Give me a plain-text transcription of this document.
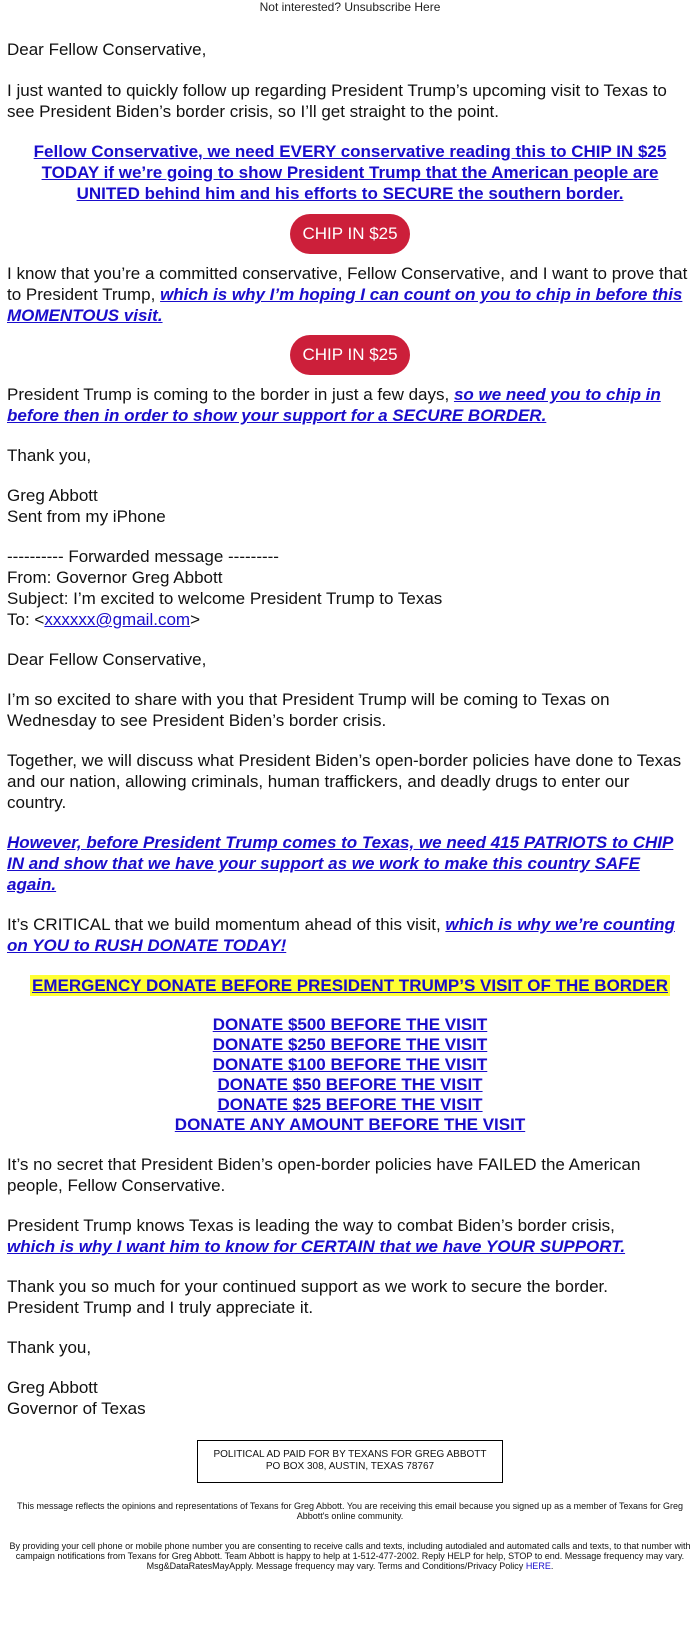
Not interested? Unsubscribe Here

Dear Fellow Conservative,

I just wanted to quickly follow up regarding President Trump’s upcoming visit to Texas to see President Biden’s border crisis, so I’ll get straight to the point.

Fellow Conservative, we need EVERY conservative reading this to CHIP IN $25 TODAY if we’re going to show President Trump that the American people are UNITED behind him and his efforts to SECURE the southern border.
CHIP IN $25

I know that you’re a committed conservative, Fellow Conservative, and I want to prove that to President Trump, which is why I’m hoping I can count on you to chip in before this MOMENTOUS visit.

CHIP IN $25

President Trump is coming to the border in just a few days, so we need you to chip in before then in order to show your support for a SECURE BORDER.

Thank you,

Greg Abbott

Sent from my iPhone

---------- Forwarded message ---------

From: Governor Greg Abbott

Subject: I’m excited to welcome President Trump to Texas

To: <xxxxxx@gmail.com>

Dear Fellow Conservative,

I’m so excited to share with you that President Trump will be coming to Texas on Wednesday to see President Biden’s border crisis.

Together, we will discuss what President Biden’s open-border policies have done to Texas and our nation, allowing criminals, human traffickers, and deadly drugs to enter our country.

However, before President Trump comes to Texas, we need 415 PATRIOTS to CHIP IN and show that we have your support as we work to make this country SAFE again.

It’s CRITICAL that we build momentum ahead of this visit, which is why we’re counting on YOU to RUSH DONATE TODAY!

EMERGENCY DONATE BEFORE PRESIDENT TRUMP’S VISIT OF THE BORDER
DONATE $500 BEFORE THE VISIT
DONATE $250 BEFORE THE VISIT
DONATE $100 BEFORE THE VISIT
DONATE $50 BEFORE THE VISIT
DONATE $25 BEFORE THE VISIT
DONATE ANY AMOUNT BEFORE THE VISIT

It’s no secret that President Biden’s open-border policies have FAILED the American people, Fellow Conservative.

President Trump knows Texas is leading the way to combat Biden’s border crisis, which is why I want him to know for CERTAIN that we have YOUR SUPPORT.

Thank you so much for your continued support as we work to secure the border. President Trump and I truly appreciate it.

Thank you,

Greg Abbott

Governor of Texas

POLITICAL AD PAID FOR BY TEXANS FOR GREG ABBOTT
PO BOX 308, AUSTIN, TEXAS 78767
This message reflects the opinions and representations of Texans for Greg Abbott. You are receiving this email because you signed up as a member of Texans for Greg Abbott's online community.
By providing your cell phone or mobile phone number you are consenting to receive calls and texts, including autodialed and automated calls and texts, to that number with campaign notifications from Texans for Greg Abbott. Team Abbott is happy to help at 1-512-477-2002. Reply HELP for help, STOP to end. Message frequency may vary. Msg&DataRatesMayApply. Message frequency may vary. Terms and Conditions/Privacy Policy HERE.
